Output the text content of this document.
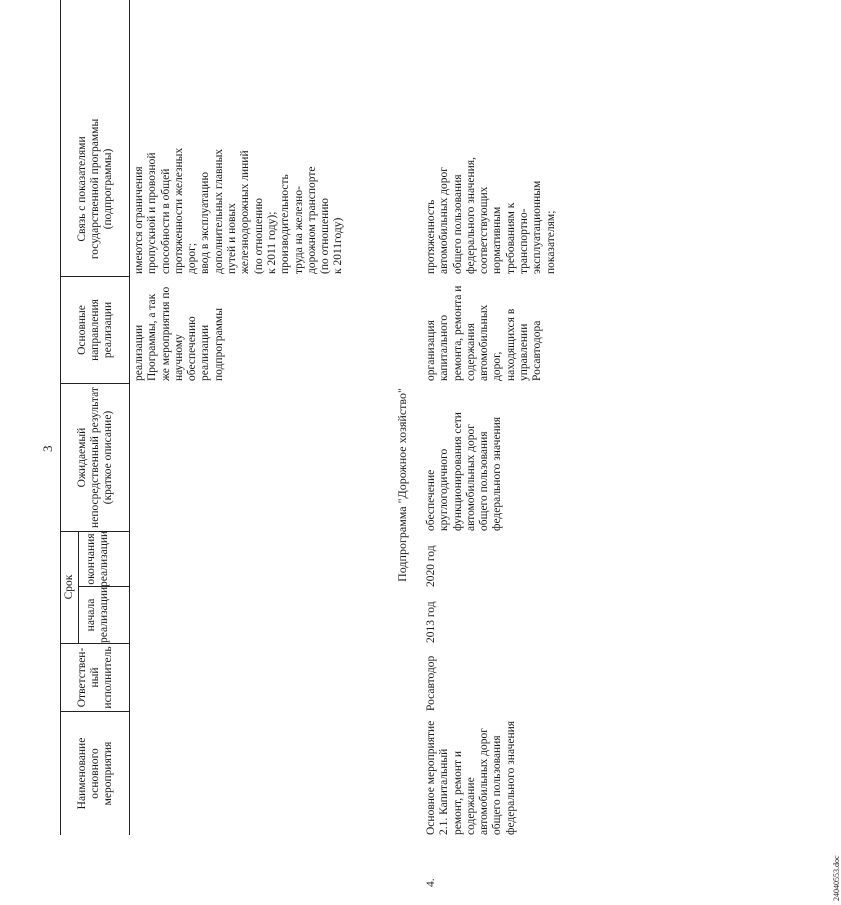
3
Наименование основного мероприятия
Ответствен-ный исполнитель
Срок
начала реализации
окончания реализации
Ожидаемый непосредственный результат (краткое описание)
Основные направления реализации
Связь с показателями государственной программы (подпрограммы)
реализации
Программы, а так
же мероприятия по
научному
обеспечению
реализации
подпрограммы
имеются ограничения
пропускной и провозной
способности в общей
протяженности железных
дорог;
ввод в эксплуатацию
дополнительных главных
путей и новых
железнодорожных линий
(по отношению
к 2011 году);
производительность
труда на железно-
дорожном транспорте
(по отношению
к 2011году)
Подпрограмма "Дорожное хозяйство"
4.
Основное мероприятие
2.1. Капитальный
ремонт, ремонт и
содержание
автомобильных дорог
общего пользования
федерального значения
Росавтодор
2013 год
2020 год
обеспечение
круглогодичного
функционирования сети
автомобильных дорог
общего пользования
федерального значения
организация
капитального
ремонта, ремонта и
содержания
автомобильных
дорог,
находящихся в
управлении
Росавтодора
протяженность
автомобильных дорог
общего пользования
федерального значения,
соответствующих
нормативным
требованиям к
транспортно-
эксплуатационным
показателям;
24040553.doc
